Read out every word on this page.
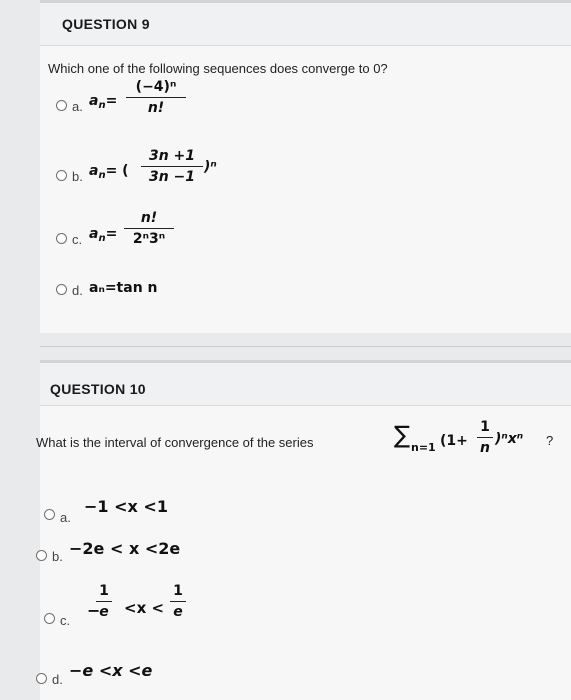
QUESTION 9
Which one of the following sequences does converge to 0?
a. $a_n=$
(−4)ⁿ
n!
b. $a_n=$ (
3n +1
3n −1
)ⁿ
c. $a_n=$
n!
2ⁿ3ⁿ
d. aₙ=tan n
QUESTION 10
What is the interval of convergence of the series	∑ n=1 (1+
1
n
)ⁿxⁿ ?
a.
−1 <x <1
b. −2e < x <2e
c.
−
1
e <x <
1
e
d. −e <x <e
